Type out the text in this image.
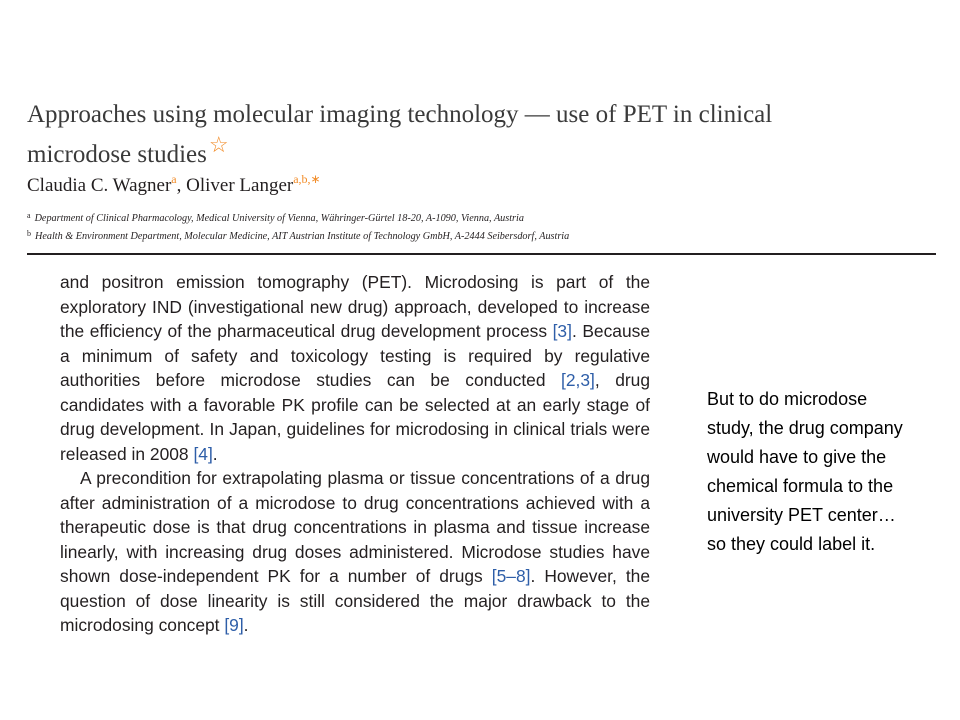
Approaches using molecular imaging technology — use of PET in clinical
microdose studies☆
Claudia C. Wagner$^a$, Oliver Langer$^{a,b,∗}$
$^a$ Department of Clinical Pharmacology, Medical University of Vienna, Währinger-Gürtel 18-20, A-1090, Vienna, Austria
$^b$ Health & Environment Department, Molecular Medicine, AIT Austrian Institute of Technology GmbH, A-2444 Seibersdorf, Austria

and positron emission tomography (PET). Microdosing is part of the exploratory IND (investigational new drug) approach, developed to increase the efficiency of the pharmaceutical drug development process [3]. Because a minimum of safety and toxicology testing is required by regulative authorities before microdose studies can be conducted [2,3], drug candidates with a favorable PK profile can be selected at an early stage of drug development. In Japan, guidelines for microdosing in clinical trials were released in 2008 [4].

A precondition for extrapolating plasma or tissue concentrations of a drug after administration of a microdose to drug concentrations achieved with a therapeutic dose is that drug concentrations in plasma and tissue increase linearly, with increasing drug doses administered. Microdose studies have shown dose-independent PK for a number of drugs [5–8]. However, the question of dose linearity is still considered the major drawback to the microdosing concept [9].

But to do microdose study, the drug company would have to give the chemical formula to the university PET center… so they could label it.
